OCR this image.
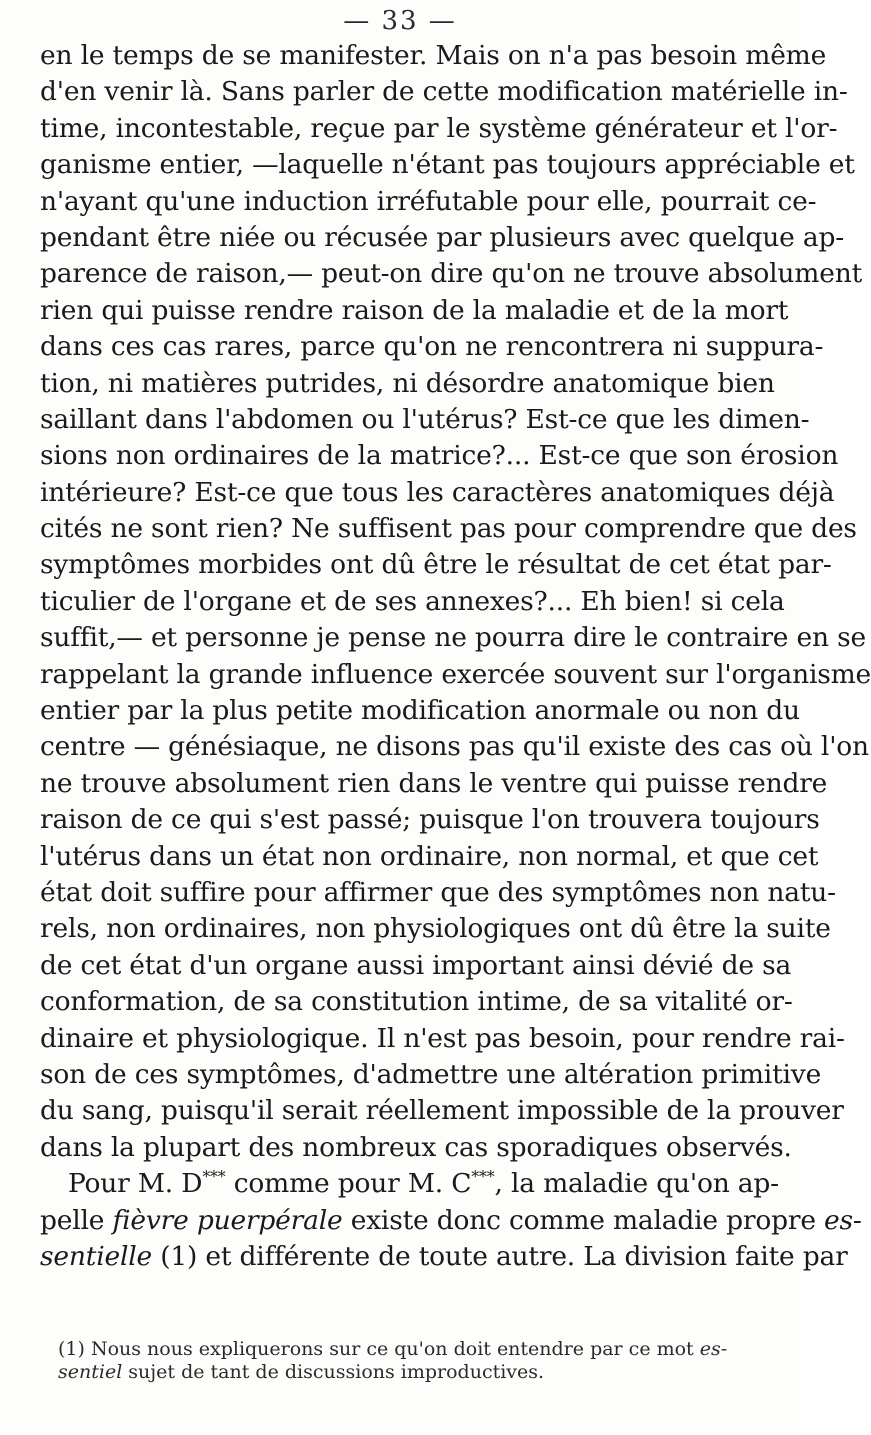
— 33 —
en le temps de se manifester. Mais on n'a pas besoin même
d'en venir là. Sans parler de cette modification matérielle in-
time, incontestable, reçue par le système générateur et l'or-
ganisme entier, —laquelle n'étant pas toujours appréciable et
n'ayant qu'une induction irréfutable pour elle, pourrait ce-
pendant être niée ou récusée par plusieurs avec quelque ap-
parence de raison,— peut-on dire qu'on ne trouve absolument
rien qui puisse rendre raison de la maladie et de la mort
dans ces cas rares, parce qu'on ne rencontrera ni suppura-
tion, ni matières putrides, ni désordre anatomique bien
saillant dans l'abdomen ou l'utérus? Est-ce que les dimen-
sions non ordinaires de la matrice?... Est-ce que son érosion
intérieure? Est-ce que tous les caractères anatomiques déjà
cités ne sont rien? Ne suffisent pas pour comprendre que des
symptômes morbides ont dû être le résultat de cet état par-
ticulier de l'organe et de ses annexes?... Eh bien! si cela
suffit,— et personne je pense ne pourra dire le contraire en se
rappelant la grande influence exercée souvent sur l'organisme
entier par la plus petite modification anormale ou non du
centre — génésiaque, ne disons pas qu'il existe des cas où l'on
ne trouve absolument rien dans le ventre qui puisse rendre
raison de ce qui s'est passé; puisque l'on trouvera toujours
l'utérus dans un état non ordinaire, non normal, et que cet
état doit suffire pour affirmer que des symptômes non natu-
rels, non ordinaires, non physiologiques ont dû être la suite
de cet état d'un organe aussi important ainsi dévié de sa
conformation, de sa constitution intime, de sa vitalité or-
dinaire et physiologique. Il n'est pas besoin, pour rendre rai-
son de ces symptômes, d'admettre une altération primitive
du sang, puisqu'il serait réellement impossible de la prouver
dans la plupart des nombreux cas sporadiques observés.
Pour M. D*** comme pour M. C***, la maladie qu'on ap-
pelle fièvre puerpérale existe donc comme maladie propre es-
sentielle (1) et différente de toute autre. La division faite par
(1) Nous nous expliquerons sur ce qu'on doit entendre par ce mot es-
sentiel sujet de tant de discussions improductives.
